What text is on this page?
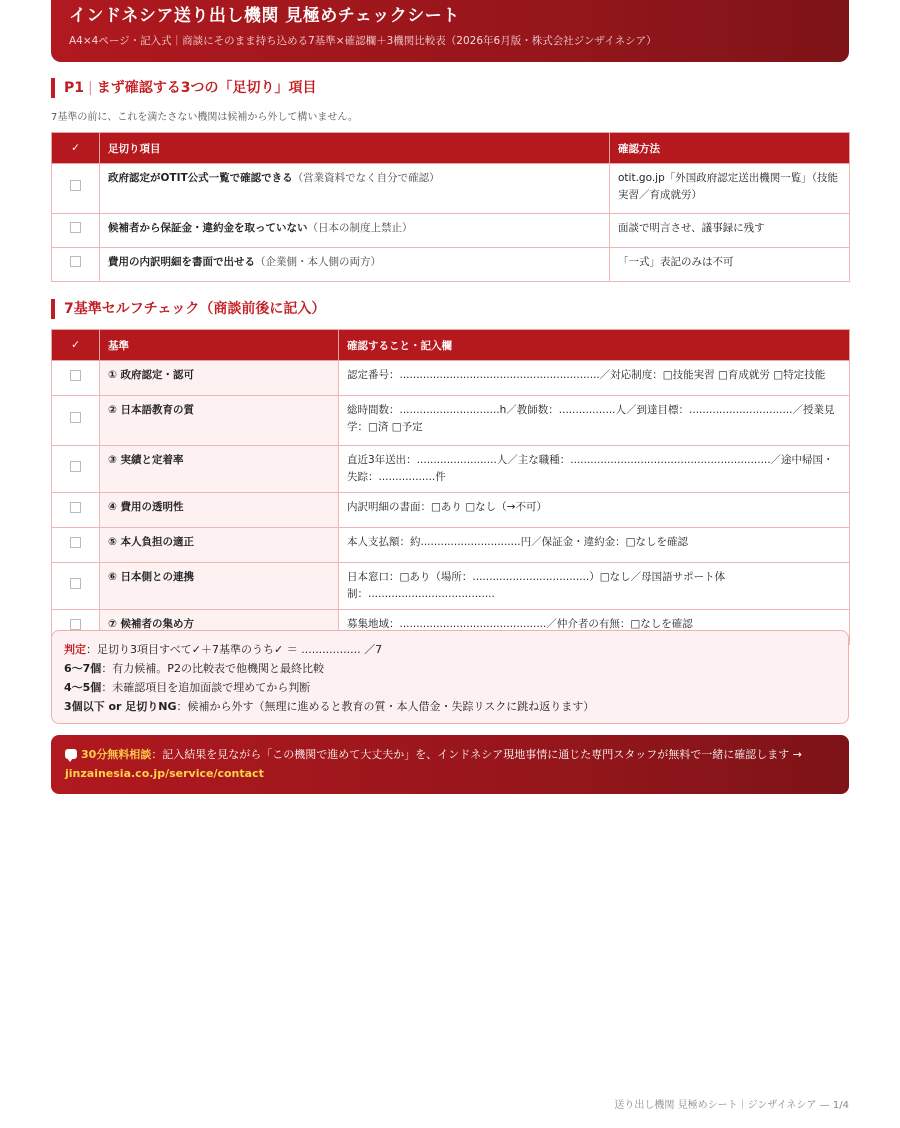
インドネシア送り出し機関 見極めチェックシート
A4×4ページ・記入式｜商談にそのまま持ち込める7基準×確認欄＋3機関比較表（2026年6月版・株式会社ジンザイネシア）
P1 | まず確認する3つの「足切り」項目
7基準の前に、これを満たさない機関は候補から外して構いません。
✓	足切り項目	確認方法
	政府認定がOTIT公式一覧で確認できる（営業資料でなく自分で確認）	otit.go.jp「外国政府認定送出機関一覧」（技能実習／育成就労）
	候補者から保証金・違約金を取っていない（日本の制度上禁止）	面談で明言させ、議事録に残す
	費用の内訳明細を書面で出せる（企業側・本人側の両方）	「一式」表記のみは不可
7基準セルフチェック（商談前後に記入）
✓	基準	確認すること・記入欄
	① 政府認定・認可	認定番号：............................................................／対応制度：□技能実習 □育成就労 □特定技能
	② 日本語教育の質	総時間数：..............................h／教師数：.................人／到達目標：...............................／授業見学：□済 □予定
	③ 実績と定着率	直近3年送出：........................人／主な職種：............................................................／途中帰国・失踪：.................件
	④ 費用の透明性	内訳明細の書面：□あり □なし（→不可）
	⑤ 本人負担の適正	本人支払額：約..............................円／保証金・違約金：□なしを確認
	⑥ 日本側との連携	日本窓口：□あり（場所：...................................）□なし／母国語サポート体制：......................................
	⑦ 候補者の集め方	募集地域：............................................／仲介者の有無：□なしを確認
判定：足切り3項目すべて✓＋7基準のうち✓ ＝ ................. ／7
6〜7個：有力候補。P2の比較表で他機関と最終比較
4〜5個：未確認項目を追加面談で埋めてから判断
3個以下 or 足切りNG：候補から外す（無理に進めると教育の質・本人借金・失踪リスクに跳ね返ります）
30分無料相談：記入結果を見ながら「この機関で進めて大丈夫か」を、インドネシア現地事情に通じた専門スタッフが無料で一緒に確認します →
jinzainesia.co.jp/service/contact
送り出し機関 見極めシート｜ジンザイネシア — 1/4
